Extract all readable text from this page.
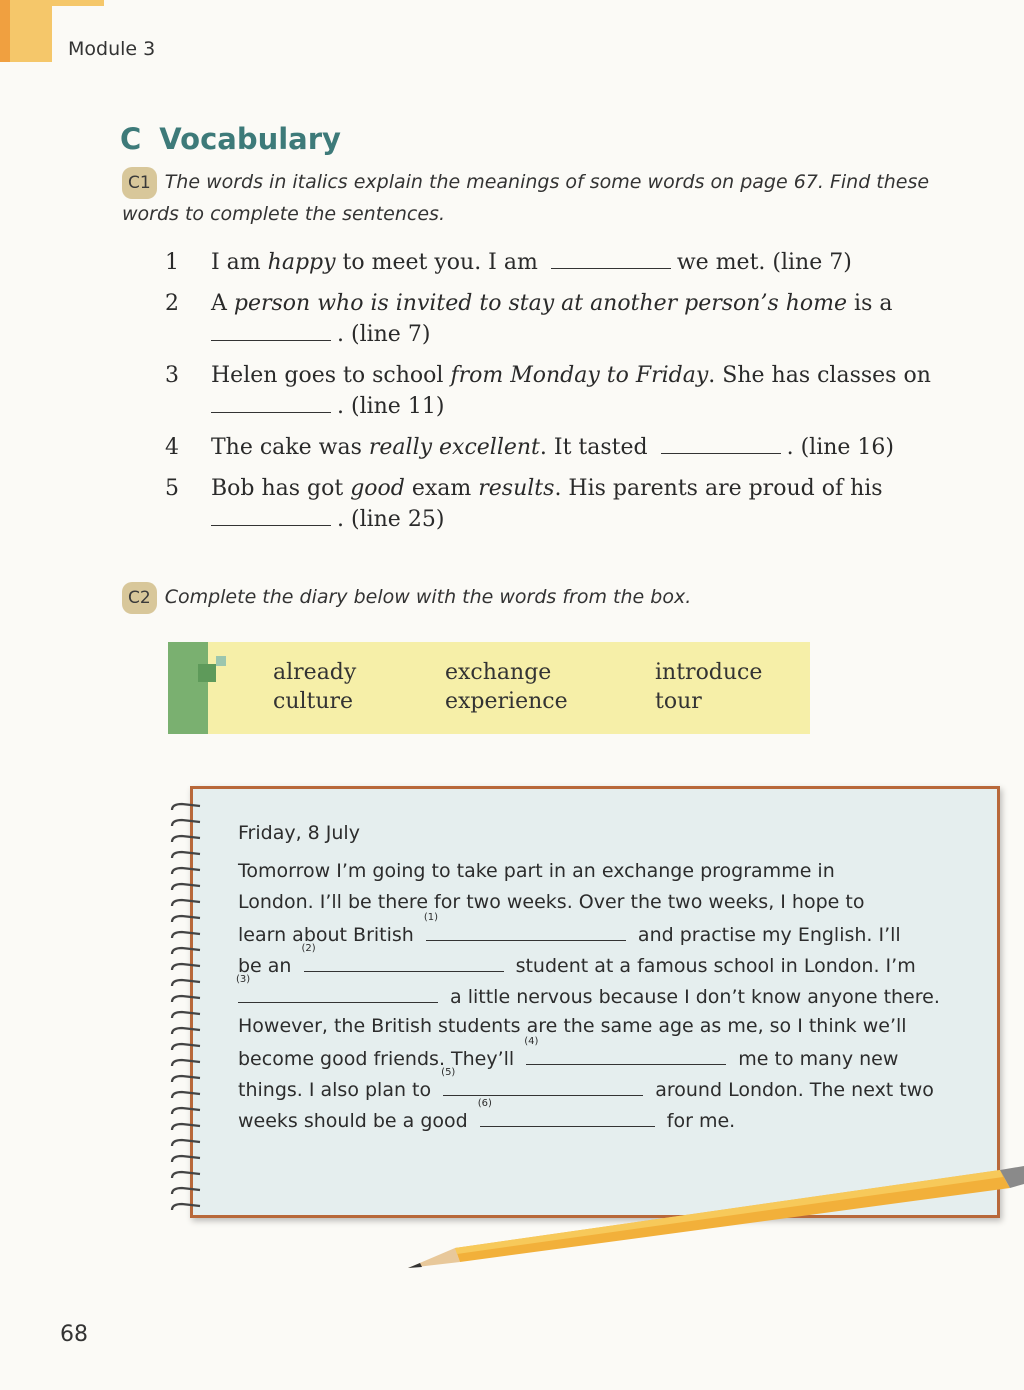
Module 3
C Vocabulary
C1 The words in italics explain the meanings of some words on page 67. Find these words to complete the sentences.
1	I am happy to meet you. I am	we met. (line 7)
2	A person who is invited to stay at another person’s home is a
. (line 7)
3	Helen goes to school from Monday to Friday. She has classes on
. (line 11)
4	The cake was really excellent. It tasted	. (line 16)
5	Bob has got good exam results. His parents are proud of his
. (line 25)
C2 Complete the diary below with the words from the box.
already	exchange	introduce
culture	experience	tour
Friday, 8 July
Tomorrow I’m going to take part in an exchange programme in
London. I’ll be there for two weeks. Over the two weeks, I hope to
learn about British
(1)
and practise my English. I’ll
be an
(2)
student at a famous school in London. I’m
(3)
a little nervous because I don’t know anyone there.
However, the British students are the same age as me, so I think we’ll
become good friends. They’ll
(4)
me to many new
things. I also plan to
(5)
around London. The next two
weeks should be a good
(6)
for me.
68
